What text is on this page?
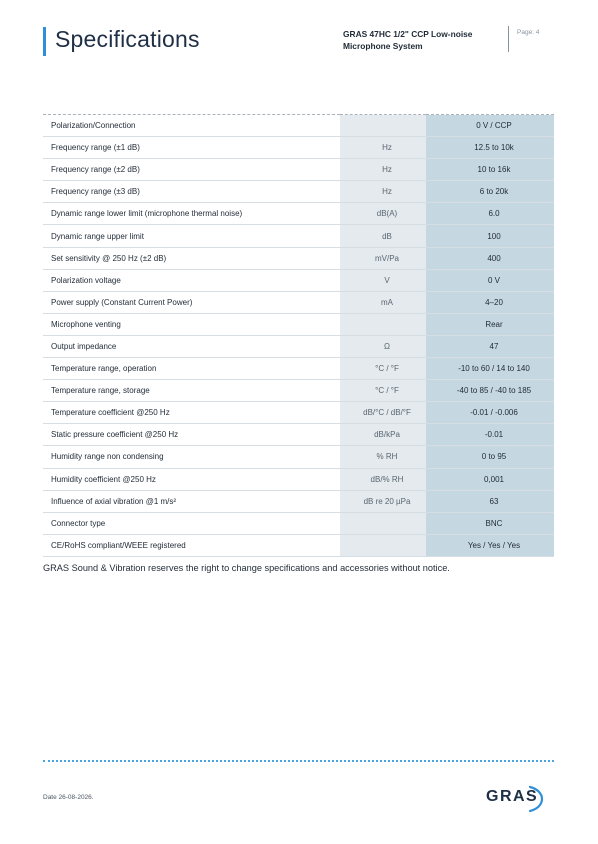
Specifications	GRAS 47HC 1/2" CCP Low-noise
Microphone System
Page: 4
Polarization/Connection		0 V / CCP
Frequency range (±1 dB)	Hz	12.5 to 10k
Frequency range (±2 dB)	Hz	10 to 16k
Frequency range (±3 dB)	Hz	6 to 20k
Dynamic range lower limit (microphone thermal noise)	dB(A)	6.0
Dynamic range upper limit	dB	100
Set sensitivity @ 250 Hz (±2 dB)	mV/Pa	400
Polarization voltage	V	0 V
Power supply (Constant Current Power)	mA	4–20
Microphone venting		Rear
Output impedance	Ω	47
Temperature range, operation	°C / °F	-10 to 60 / 14 to 140
Temperature range, storage	°C / °F	-40 to 85 / -40 to 185
Temperature coefficient @250 Hz	dB/°C / dB/°F	-0.01 / -0.006
Static pressure coefficient @250 Hz	dB/kPa	-0.01
Humidity range non condensing	% RH	0 to 95
Humidity coefficient @250 Hz	dB/% RH	0,001
Influence of axial vibration @1 m/s²	dB re 20 µPa	63
Connector type		BNC
CE/RoHS compliant/WEEE registered		Yes / Yes / Yes
GRAS Sound & Vibration reserves the right to change specifications and accessories without notice.
Date 26-08-2026.	GRAS
